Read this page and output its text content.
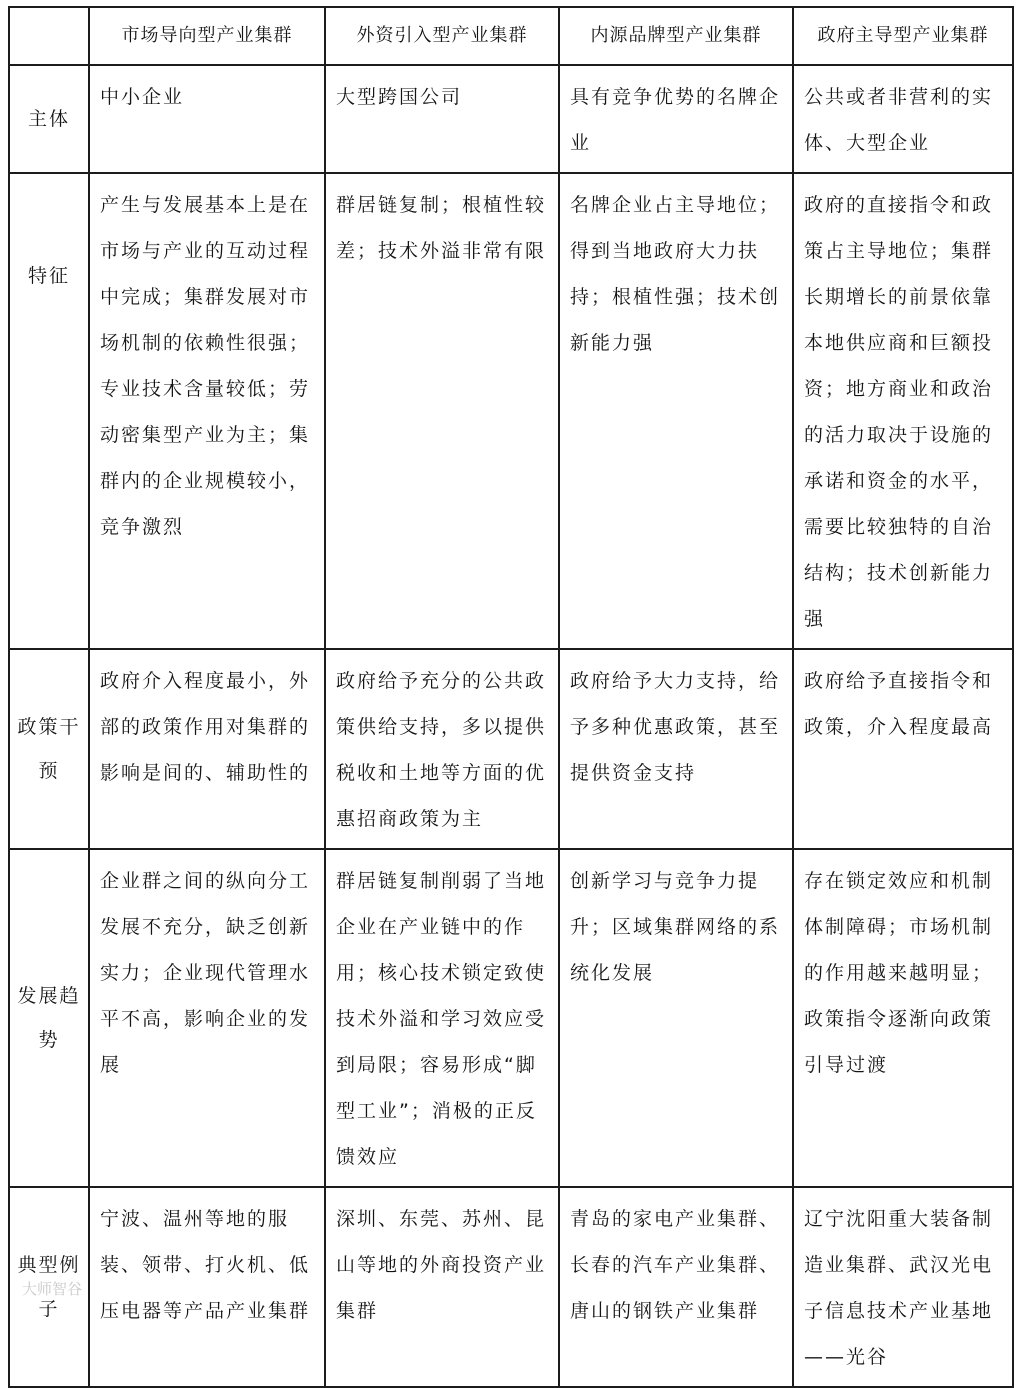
	市场导向型产业集群	外资引入型产业集群	内源品牌型产业集群	政府主导型产业集群
主体	中小企业	大型跨国公司	具有竞争优势的名牌企业	公共或者非营利的实体、大型企业
特征	产生与发展基本上是在市场与产业的互动过程中完成；集群发展对市场机制的依赖性很强；专业技术含量较低；劳动密集型产业为主；集群内的企业规模较小，竞争激烈	群居链复制；根植性较差；技术外溢非常有限	名牌企业占主导地位；得到当地政府大力扶持；根植性强；技术创新能力强	政府的直接指令和政策占主导地位；集群长期增长的前景依靠本地供应商和巨额投资；地方商业和政治的活力取决于设施的承诺和资金的水平，需要比较独特的自治结构；技术创新能力强
政策干预	政府介入程度最小，外部的政策作用对集群的影响是间的、辅助性的	政府给予充分的公共政策供给支持，多以提供税收和土地等方面的优惠招商政策为主	政府给予大力支持，给予多种优惠政策，甚至提供资金支持	政府给予直接指令和政策，介入程度最高
发展趋势	企业群之间的纵向分工发展不充分，缺乏创新实力；企业现代管理水平不高，影响企业的发展	群居链复制削弱了当地企业在产业链中的作用；核心技术锁定致使技术外溢和学习效应受到局限；容易形成“脚型工业”；消极的正反馈效应	创新学习与竞争力提升；区域集群网络的系统化发展	存在锁定效应和机制体制障碍；市场机制的作用越来越明显；政策指令逐渐向政策引导过渡
典型例子	宁波、温州等地的服装、领带、打火机、低压电器等产品产业集群	深圳、东莞、苏州、昆山等地的外商投资产业集群	青岛的家电产业集群、长春的汽车产业集群、唐山的钢铁产业集群	辽宁沈阳重大装备制造业集群、武汉光电子信息技术产业基地——光谷
大师智谷
